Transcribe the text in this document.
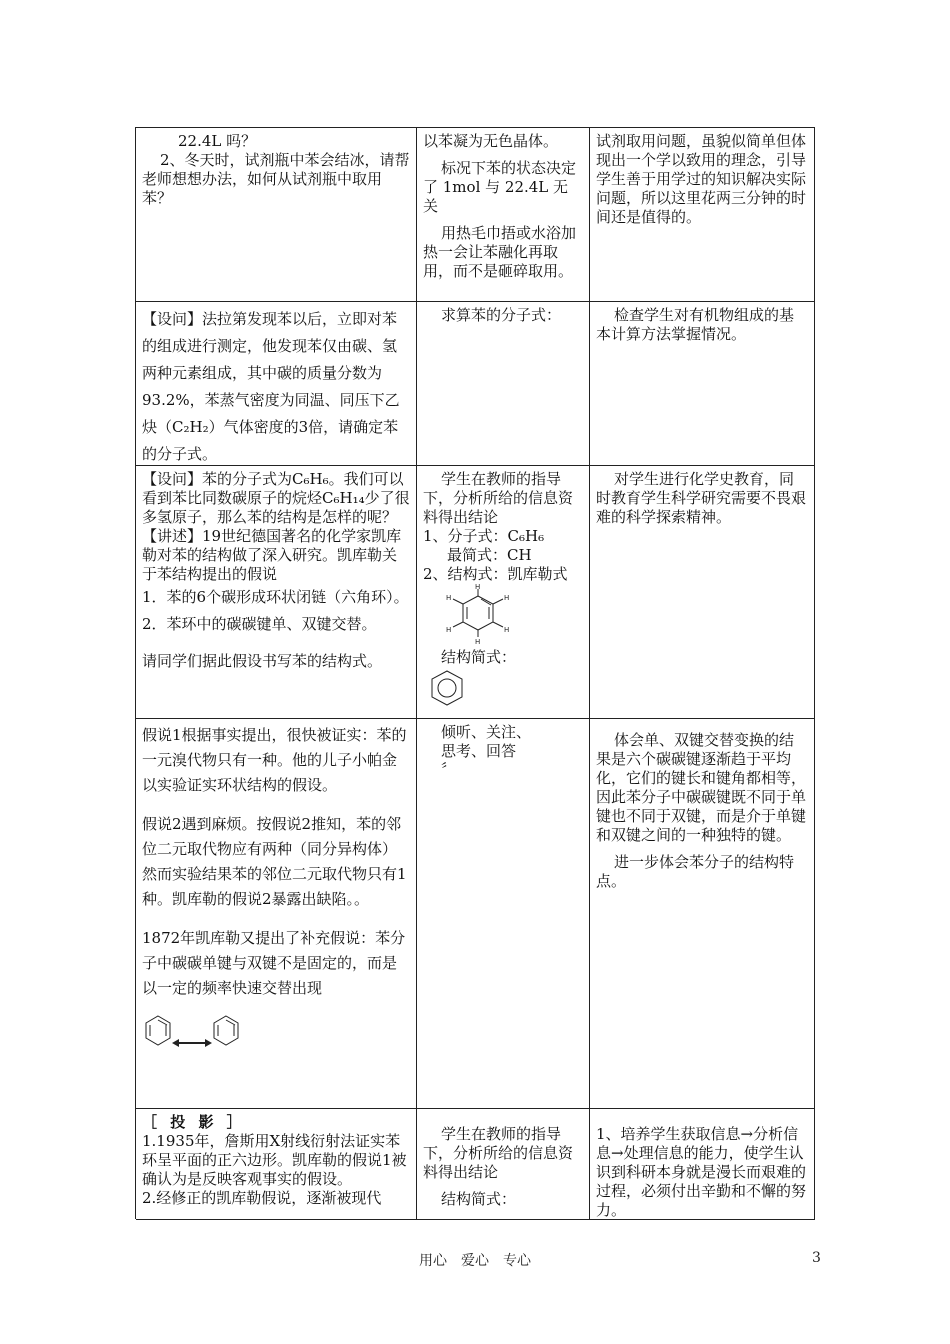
22.4L 吗？

2、冬天时，试剂瓶中苯会结冰，请帮老师想想办法，如何从试剂瓶中取用苯？

以苯凝为无色晶体。

标况下苯的状态决定了 1mol 与 22.4L 无关

用热毛巾捂或水浴加热一会让苯融化再取用，而不是砸碎取用。

试剂取用问题，虽貌似简单但体现出一个学以致用的理念，引导学生善于用学过的知识解决实际问题，所以这里花两三分钟的时间还是值得的。

【设问】法拉第发现苯以后，立即对苯的组成进行测定，他发现苯仅由碳、氢两种元素组成，其中碳的质量分数为93.2%，苯蒸气密度为同温、同压下乙炔（C₂H₂）气体密度的3倍，请确定苯的分子式。

求算苯的分子式：	检查学生对有机物组成的基本计算方法掌握情况。

【设问】苯的分子式为C₆H₆。我们可以看到苯比同数碳原子的烷烃C₆H₁₄少了很多氢原子，那么苯的结构是怎样的呢？

【讲述】19世纪德国著名的化学家凯库勒对苯的结构做了深入研究。凯库勒关于苯结构提出的假说

1．苯的6个碳形成环状闭链（六角环）。

2．苯环中的碳碳键单、双键交替。

请同学们据此假设书写苯的结构式。

学生在教师的指导下，分析所给的信息资料得出结论

1、分子式：C₆H₆

最简式：CH

2、结构式：凯库勒式

H
H
H
H
H
H

结构简式：

对学生进行化学史教育，同时教育学生科学研究需要不畏艰难的科学探索精神。

假说1根据事实提出，很快被证实：苯的一元溴代物只有一种。他的儿子小帕金以实验证实环状结构的假设。

假说2遇到麻烦。按假说2推知，苯的邻位二元取代物应有两种（同分异构体）然而实验结果苯的邻位二元取代物只有1种。凯库勒的假说2暴露出缺陷。。

1872年凯库勒又提出了补充假说：苯分子中碳碳单键与双键不是固定的，而是以一定的频率快速交替出现

倾听、关注、

思考、回答

〞

体会单、双键交替变换的结果是六个碳碳键逐渐趋于平均化，它们的键长和键角都相等，因此苯分子中碳碳键既不同于单键也不同于双键，而是介于单键和双键之间的一种独特的键。

进一步体会苯分子的结构特点。

［ 投 影 ］

1.1935年，詹斯用X射线衍射法证实苯环呈平面的正六边形。凯库勒的假说1被确认为是反映客观事实的假设。

2.经修正的凯库勒假说，逐渐被现代

学生在教师的指导下，分析所给的信息资料得出结论

结构简式：

1、培养学生获取信息→分析信息→处理信息的能力，使学生认识到科研本身就是漫长而艰难的过程，必须付出辛勤和不懈的努力。

用心　爱心　专心	3
